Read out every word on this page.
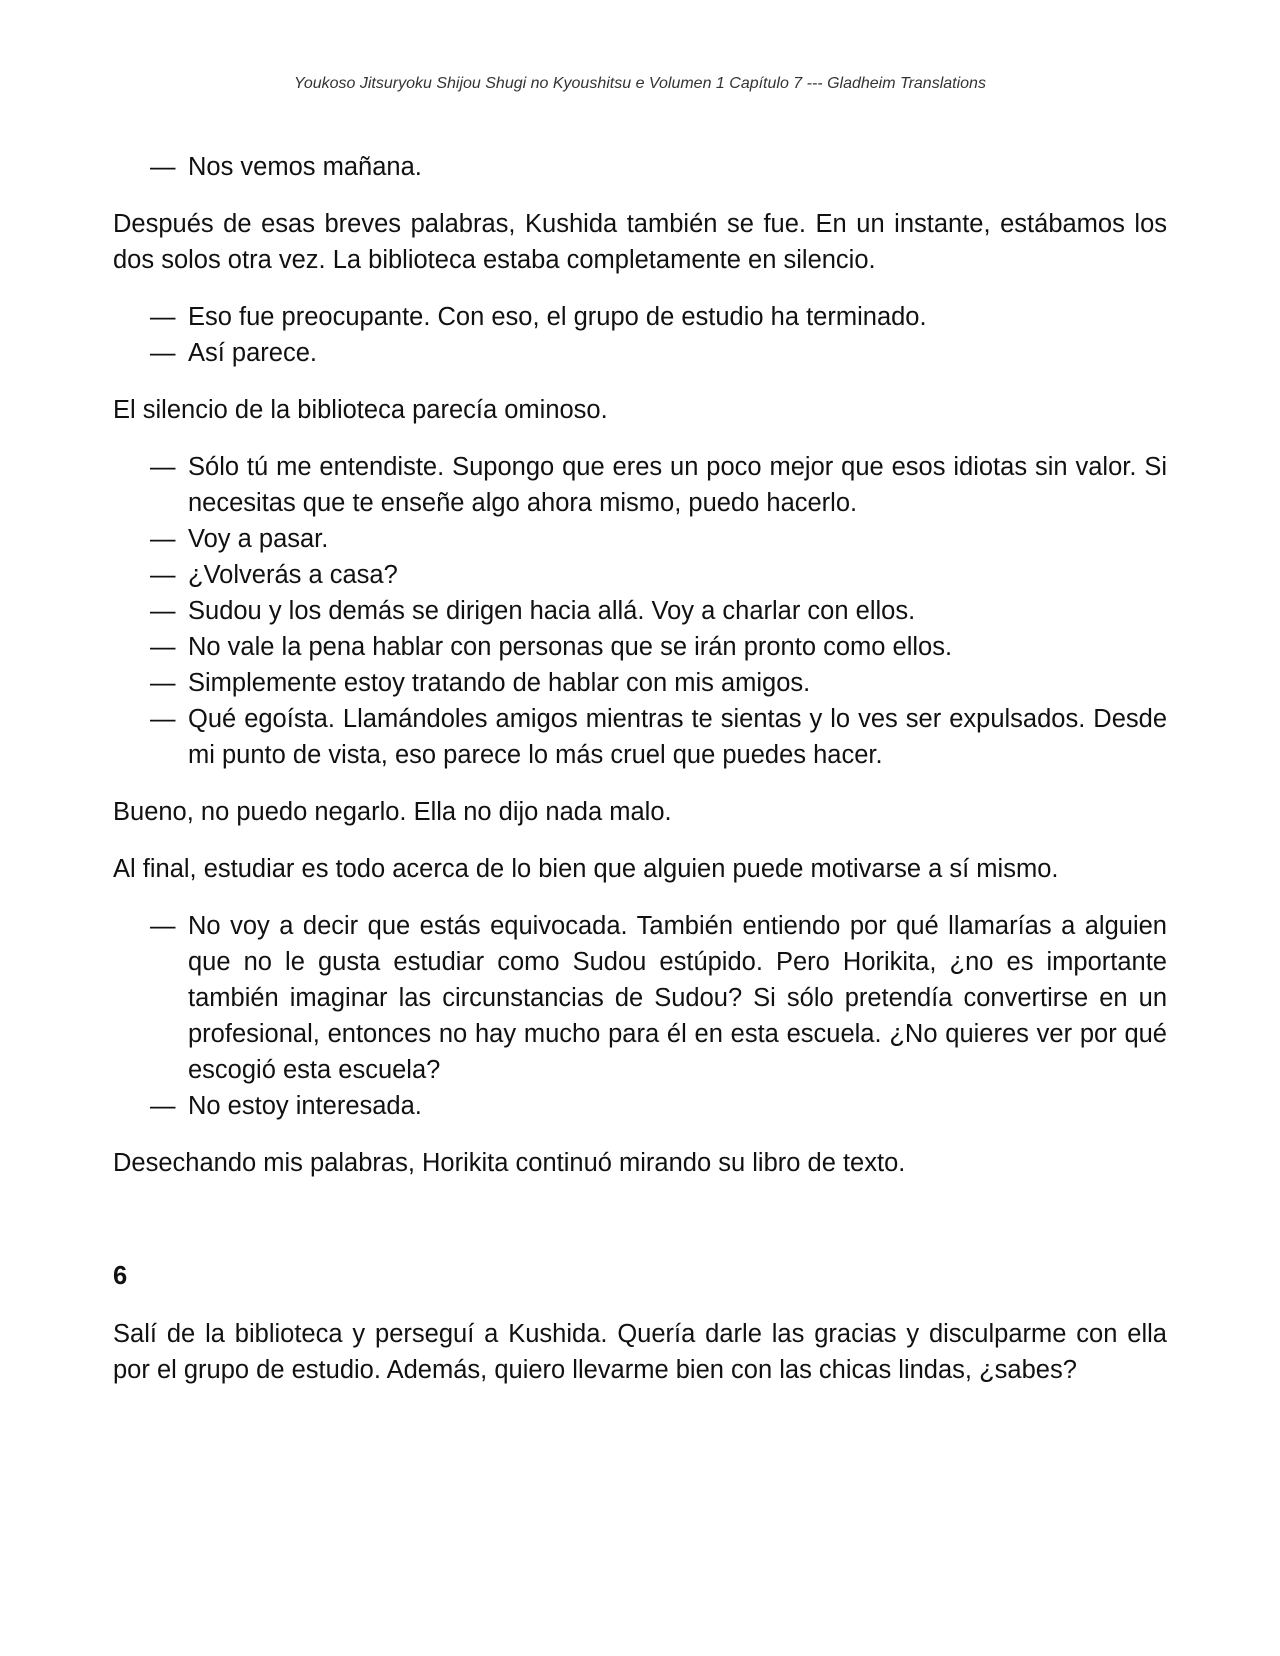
Youkoso Jitsuryoku Shijou Shugi no Kyoushitsu e Volumen 1 Capítulo 7 --- Gladheim Translations
— Nos vemos mañana.

Después de esas breves palabras, Kushida también se fue. En un instante, estábamos los dos solos otra vez. La biblioteca estaba completamente en silencio.

— Eso fue preocupante. Con eso, el grupo de estudio ha terminado.
— Así parece.

El silencio de la biblioteca parecía ominoso.

— Sólo tú me entendiste. Supongo que eres un poco mejor que esos idiotas sin valor. Si necesitas que te enseñe algo ahora mismo, puedo hacerlo.
— Voy a pasar.
— ¿Volverás a casa?
— Sudou y los demás se dirigen hacia allá. Voy a charlar con ellos.
— No vale la pena hablar con personas que se irán pronto como ellos.
— Simplemente estoy tratando de hablar con mis amigos.
— Qué egoísta. Llamándoles amigos mientras te sientas y lo ves ser expulsados. Desde mi punto de vista, eso parece lo más cruel que puedes hacer.

Bueno, no puedo negarlo. Ella no dijo nada malo.

Al final, estudiar es todo acerca de lo bien que alguien puede motivarse a sí mismo.

— No voy a decir que estás equivocada. También entiendo por qué llamarías a alguien que no le gusta estudiar como Sudou estúpido. Pero Horikita, ¿no es importante también imaginar las circunstancias de Sudou? Si sólo pretendía convertirse en un profesional, entonces no hay mucho para él en esta escuela. ¿No quieres ver por qué escogió esta escuela?
— No estoy interesada.

Desechando mis palabras, Horikita continuó mirando su libro de texto.

6

Salí de la biblioteca y perseguí a Kushida. Quería darle las gracias y disculparme con ella por el grupo de estudio. Además, quiero llevarme bien con las chicas lindas, ¿sabes?
